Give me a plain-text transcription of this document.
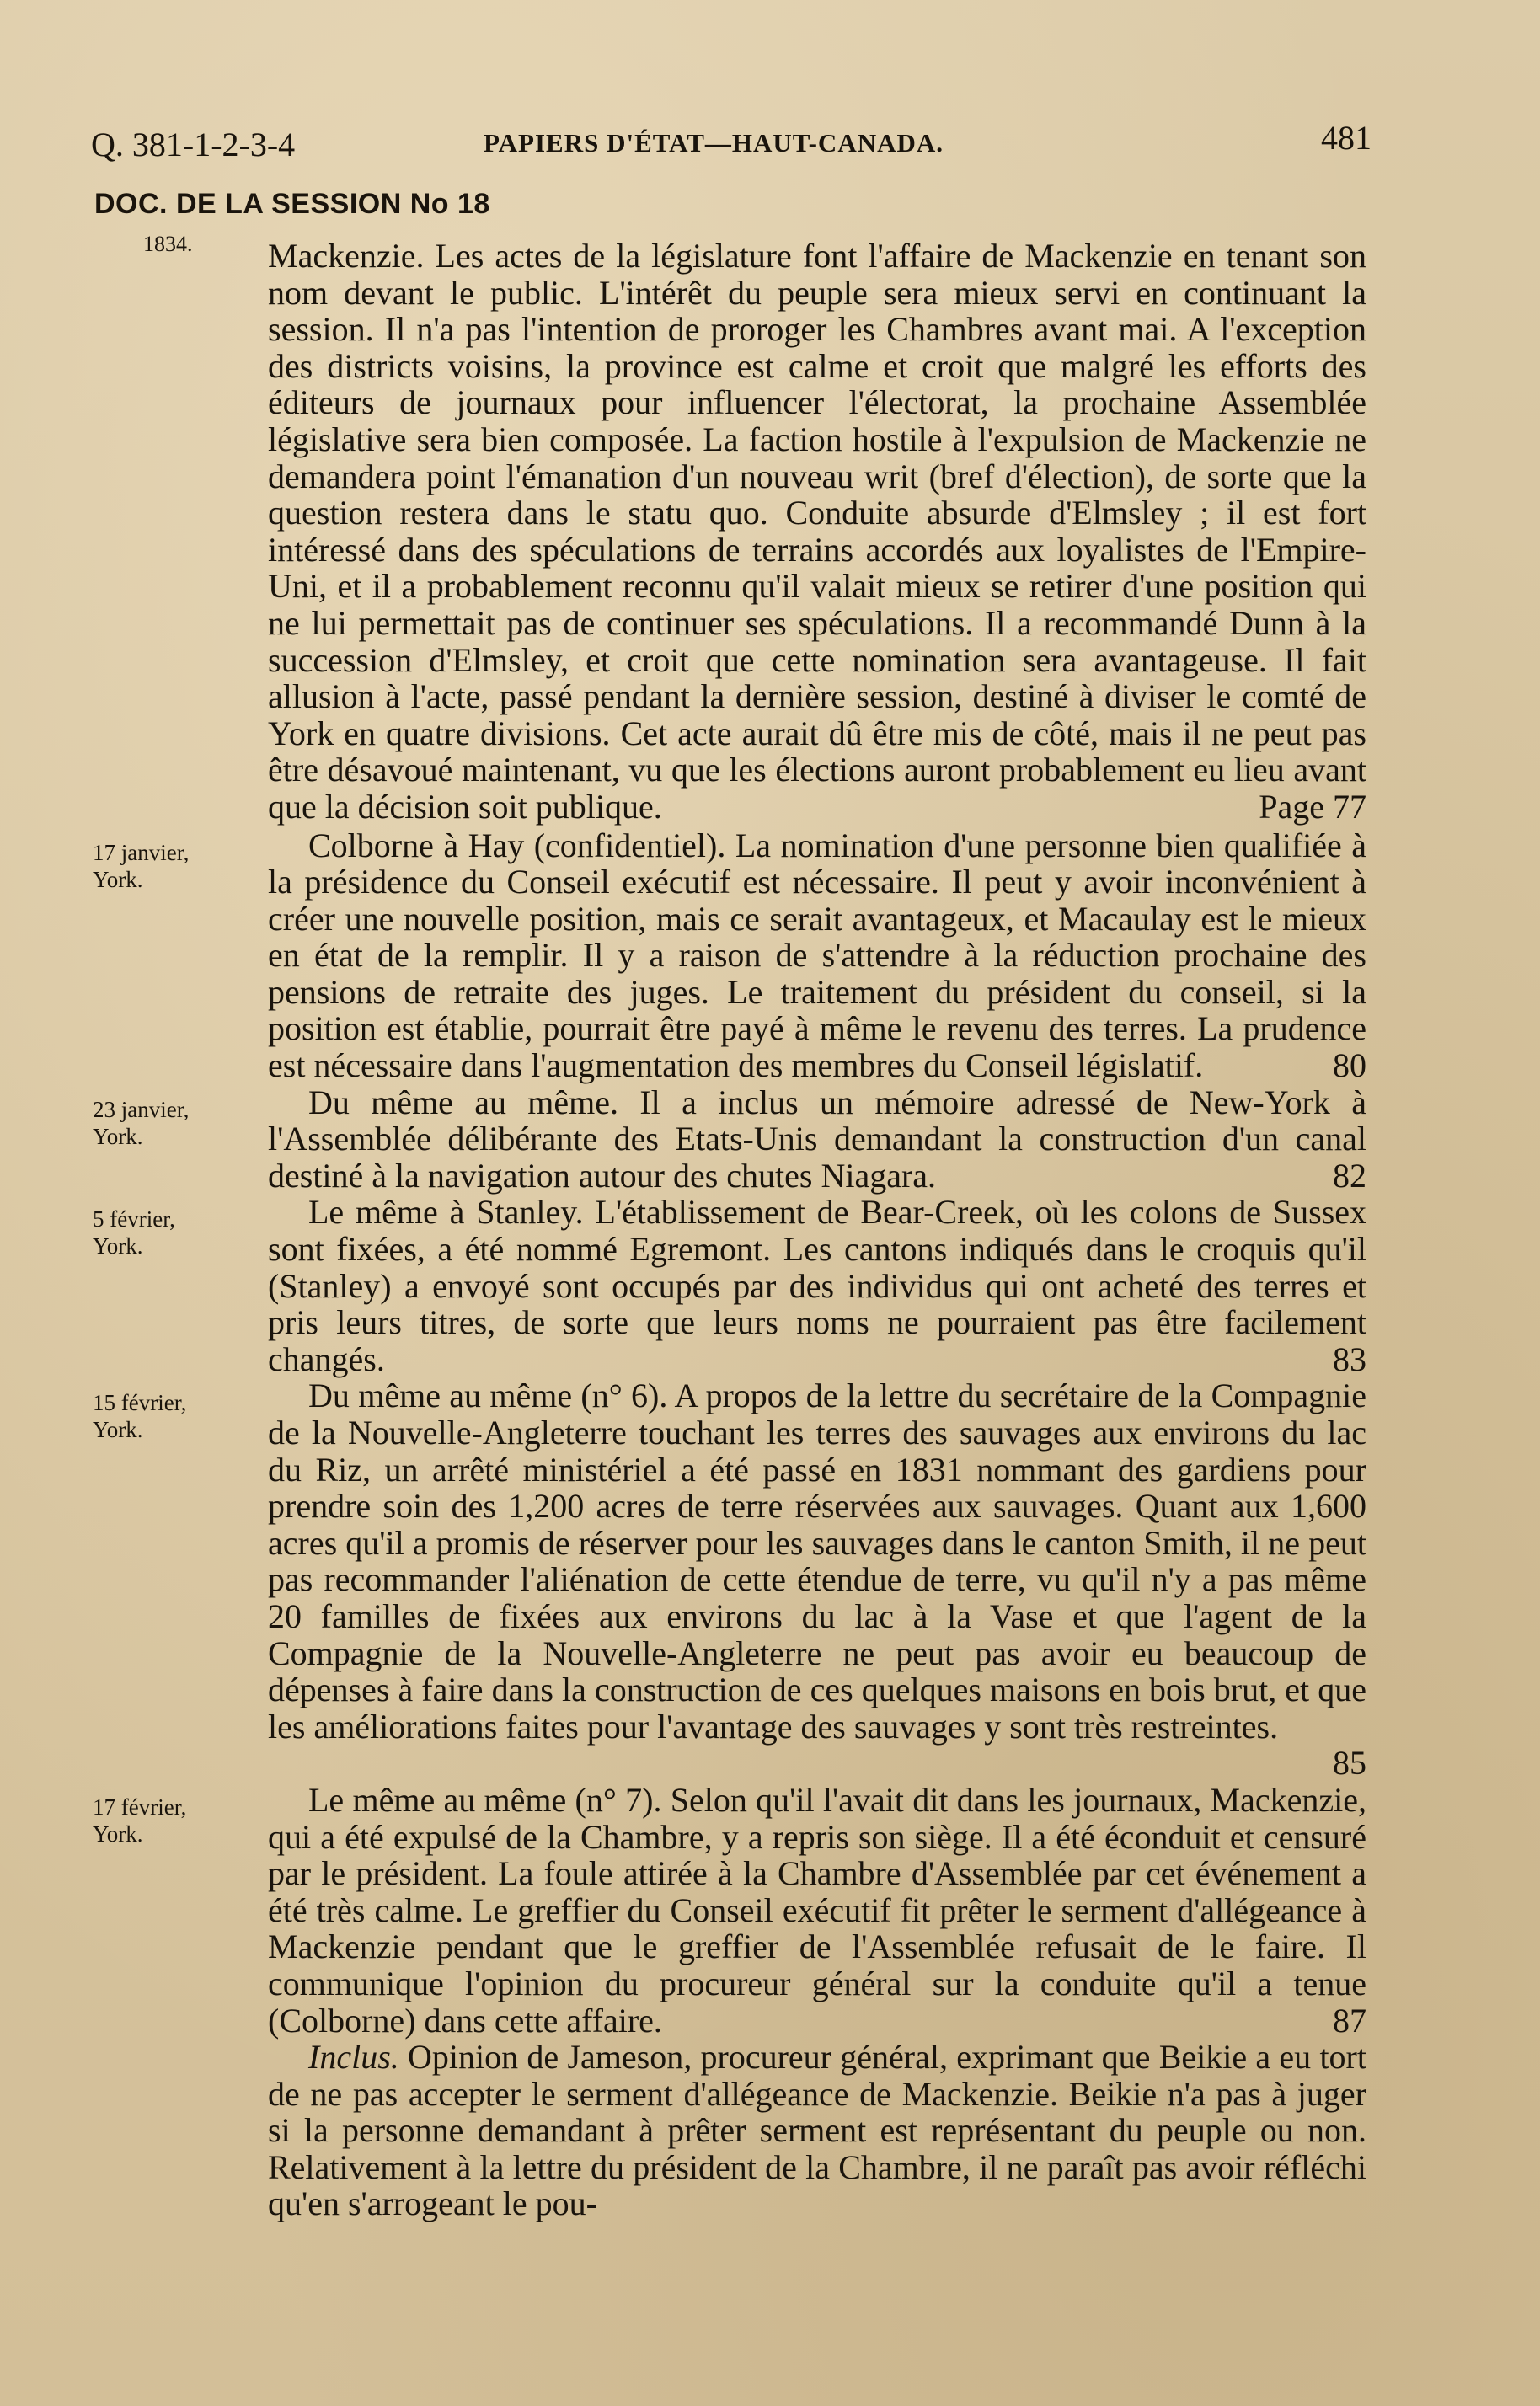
Q. 381-1-2-3-4	PAPIERS D'ÉTAT—HAUT-CANADA.	481
DOC. DE LA SESSION No 18
1834. Mackenzie. Les actes de la législature font l'affaire de Mackenzie en tenant son nom devant le public. L'intérêt du peuple sera mieux servi en continuant la session. Il n'a pas l'intention de proroger les Chambres avant mai. A l'exception des districts voisins, la province est calme et croit que malgré les efforts des éditeurs de journaux pour influencer l'électorat, la prochaine Assemblée législative sera bien composée. La faction hostile à l'expulsion de Mackenzie ne demandera point l'émanation d'un nouveau writ (bref d'élection), de sorte que la question restera dans le statu quo. Conduite absurde d'Elmsley ; il est fort intéressé dans des spéculations de terrains accordés aux loyalistes de l'Empire-Uni, et il a probablement reconnu qu'il valait mieux se retirer d'une position qui ne lui permettait pas de continuer ses spéculations. Il a recommandé Dunn à la succession d'Elmsley, et croit que cette nomination sera avantageuse. Il fait allusion à l'acte, passé pendant la dernière session, destiné à diviser le comté de York en quatre divisions. Cet acte aurait dû être mis de côté, mais il ne peut pas être désavoué maintenant, vu que les élections auront probablement eu lieu avant que la décision soit publique.	Page 77

17 janvier,
York.

Colborne à Hay (confidentiel). La nomination d'une personne bien qualifiée à la présidence du Conseil exécutif est nécessaire. Il peut y avoir inconvénient à créer une nouvelle position, mais ce serait avantageux, et Macaulay est le mieux en état de la remplir. Il y a raison de s'attendre à la réduction prochaine des pensions de retraite des juges. Le traitement du président du conseil, si la position est établie, pourrait être payé à même le revenu des terres. La prudence est nécessaire dans l'augmentation des membres du Conseil législatif.	80

23 janvier,
York.

Du même au même. Il a inclus un mémoire adressé de New-York à l'Assemblée délibérante des Etats-Unis demandant la construction d'un canal destiné à la navigation autour des chutes Niagara.	82

5 février,
York.

Le même à Stanley. L'établissement de Bear-Creek, où les colons de Sussex sont fixées, a été nommé Egremont. Les cantons indiqués dans le croquis qu'il (Stanley) a envoyé sont occupés par des individus qui ont acheté des terres et pris leurs titres, de sorte que leurs noms ne pourraient pas être facilement changés.	83

15 février,
York.

Du même au même (n° 6). A propos de la lettre du secrétaire de la Compagnie de la Nouvelle-Angleterre touchant les terres des sauvages aux environs du lac du Riz, un arrêté ministériel a été passé en 1831 nommant des gardiens pour prendre soin des 1,200 acres de terre réservées aux sauvages. Quant aux 1,600 acres qu'il a promis de réserver pour les sauvages dans le canton Smith, il ne peut pas recommander l'aliénation de cette étendue de terre, vu qu'il n'y a pas même 20 familles de fixées aux environs du lac à la Vase et que l'agent de la Compagnie de la Nouvelle-Angleterre ne peut pas avoir eu beaucoup de dépenses à faire dans la construction de ces quelques maisons en bois brut, et que les améliorations faites pour l'avantage des sauvages y sont très restreintes.
85

17 février,
York.

Le même au même (n° 7). Selon qu'il l'avait dit dans les journaux, Mackenzie, qui a été expulsé de la Chambre, y a repris son siège. Il a été éconduit et censuré par le président. La foule attirée à la Chambre d'Assemblée par cet événement a été très calme. Le greffier du Conseil exécutif fit prêter le serment d'allégeance à Mackenzie pendant que le greffier de l'Assemblée refusait de le faire. Il communique l'opinion du procureur général sur la conduite qu'il a tenue (Colborne) dans cette affaire.	87

Inclus. Opinion de Jameson, procureur général, exprimant que Beikie a eu tort de ne pas accepter le serment d'allégeance de Mackenzie. Beikie n'a pas à juger si la personne demandant à prêter serment est représentant du peuple ou non. Relativement à la lettre du président de la Chambre, il ne paraît pas avoir réfléchi qu'en s'arrogeant le pou-
